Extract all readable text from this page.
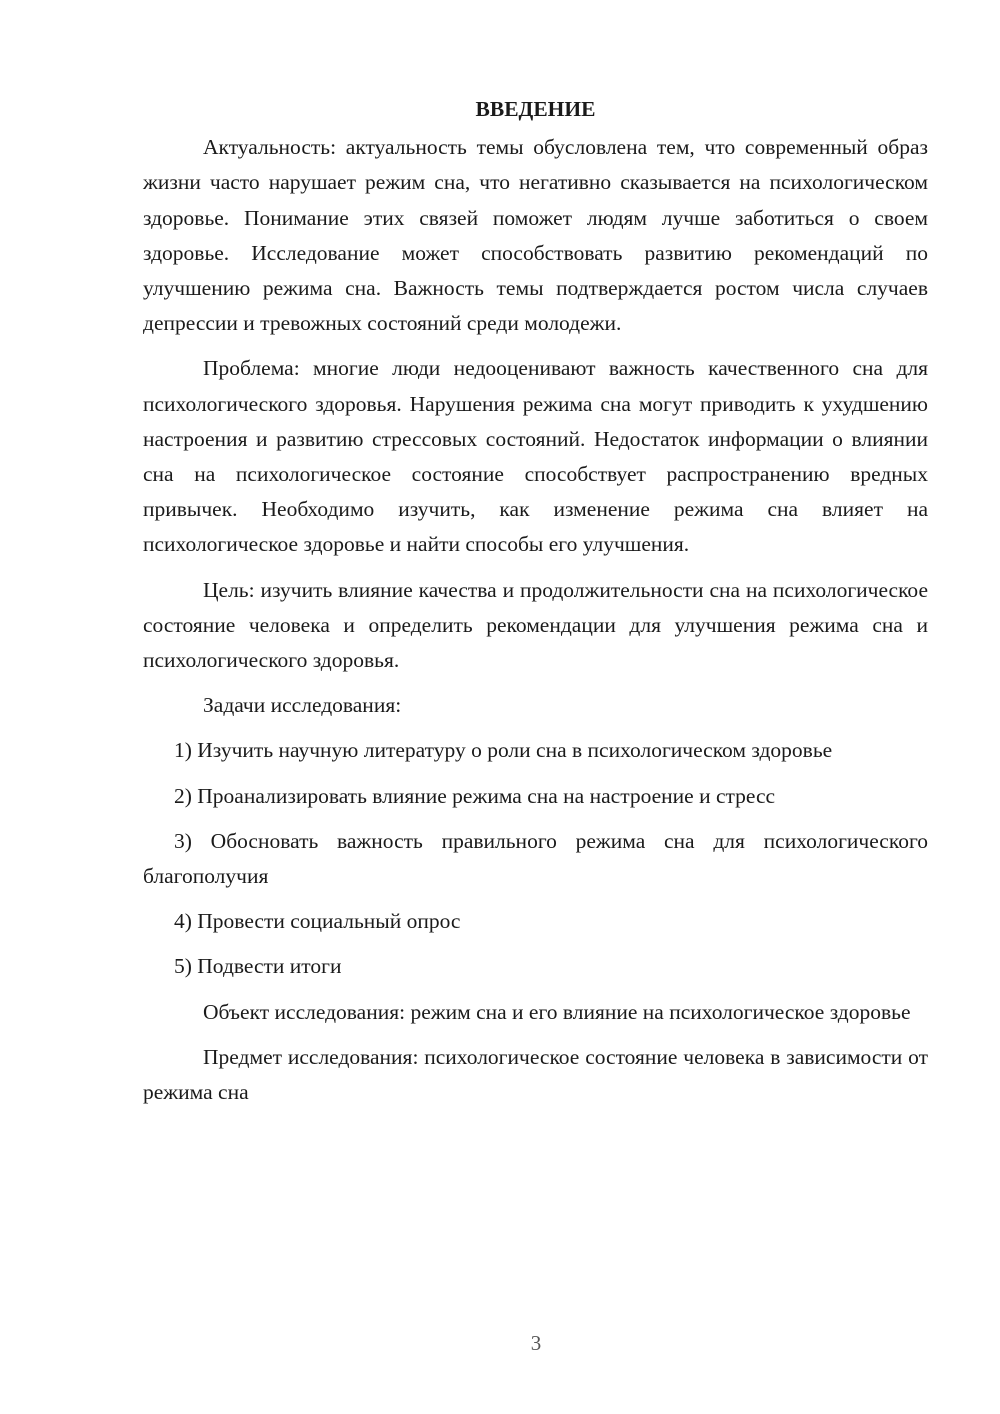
ВВЕДЕНИЕ

Актуальность: актуальность темы обусловлена тем, что современный образ жизни часто нарушает режим сна, что негативно сказывается на психологическом здоровье. Понимание этих связей поможет людям лучше заботиться о своем здоровье. Исследование может способствовать развитию рекомендаций по улучшению режима сна. Важность темы подтверждается ростом числа случаев депрессии и тревожных состояний среди молодежи.

Проблема: многие люди недооценивают важность качественного сна для психологического здоровья. Нарушения режима сна могут приводить к ухудшению настроения и развитию стрессовых состояний. Недостаток информации о влиянии сна на психологическое состояние способствует распространению вредных привычек. Необходимо изучить, как изменение режима сна влияет на психологическое здоровье и найти способы его улучшения.

Цель: изучить влияние качества и продолжительности сна на психологическое состояние человека и определить рекомендации для улучшения режима сна и психологического здоровья.

Задачи исследования:

1) Изучить научную литературу о роли сна в психологическом здоровье

2) Проанализировать влияние режима сна на настроение и стресс

3) Обосновать важность правильного режима сна для психологического благополучия

4) Провести социальный опрос

5) Подвести итоги

Объект исследования: режим сна и его влияние на психологическое здоровье

Предмет исследования: психологическое состояние человека в зависимости от режима сна

3
